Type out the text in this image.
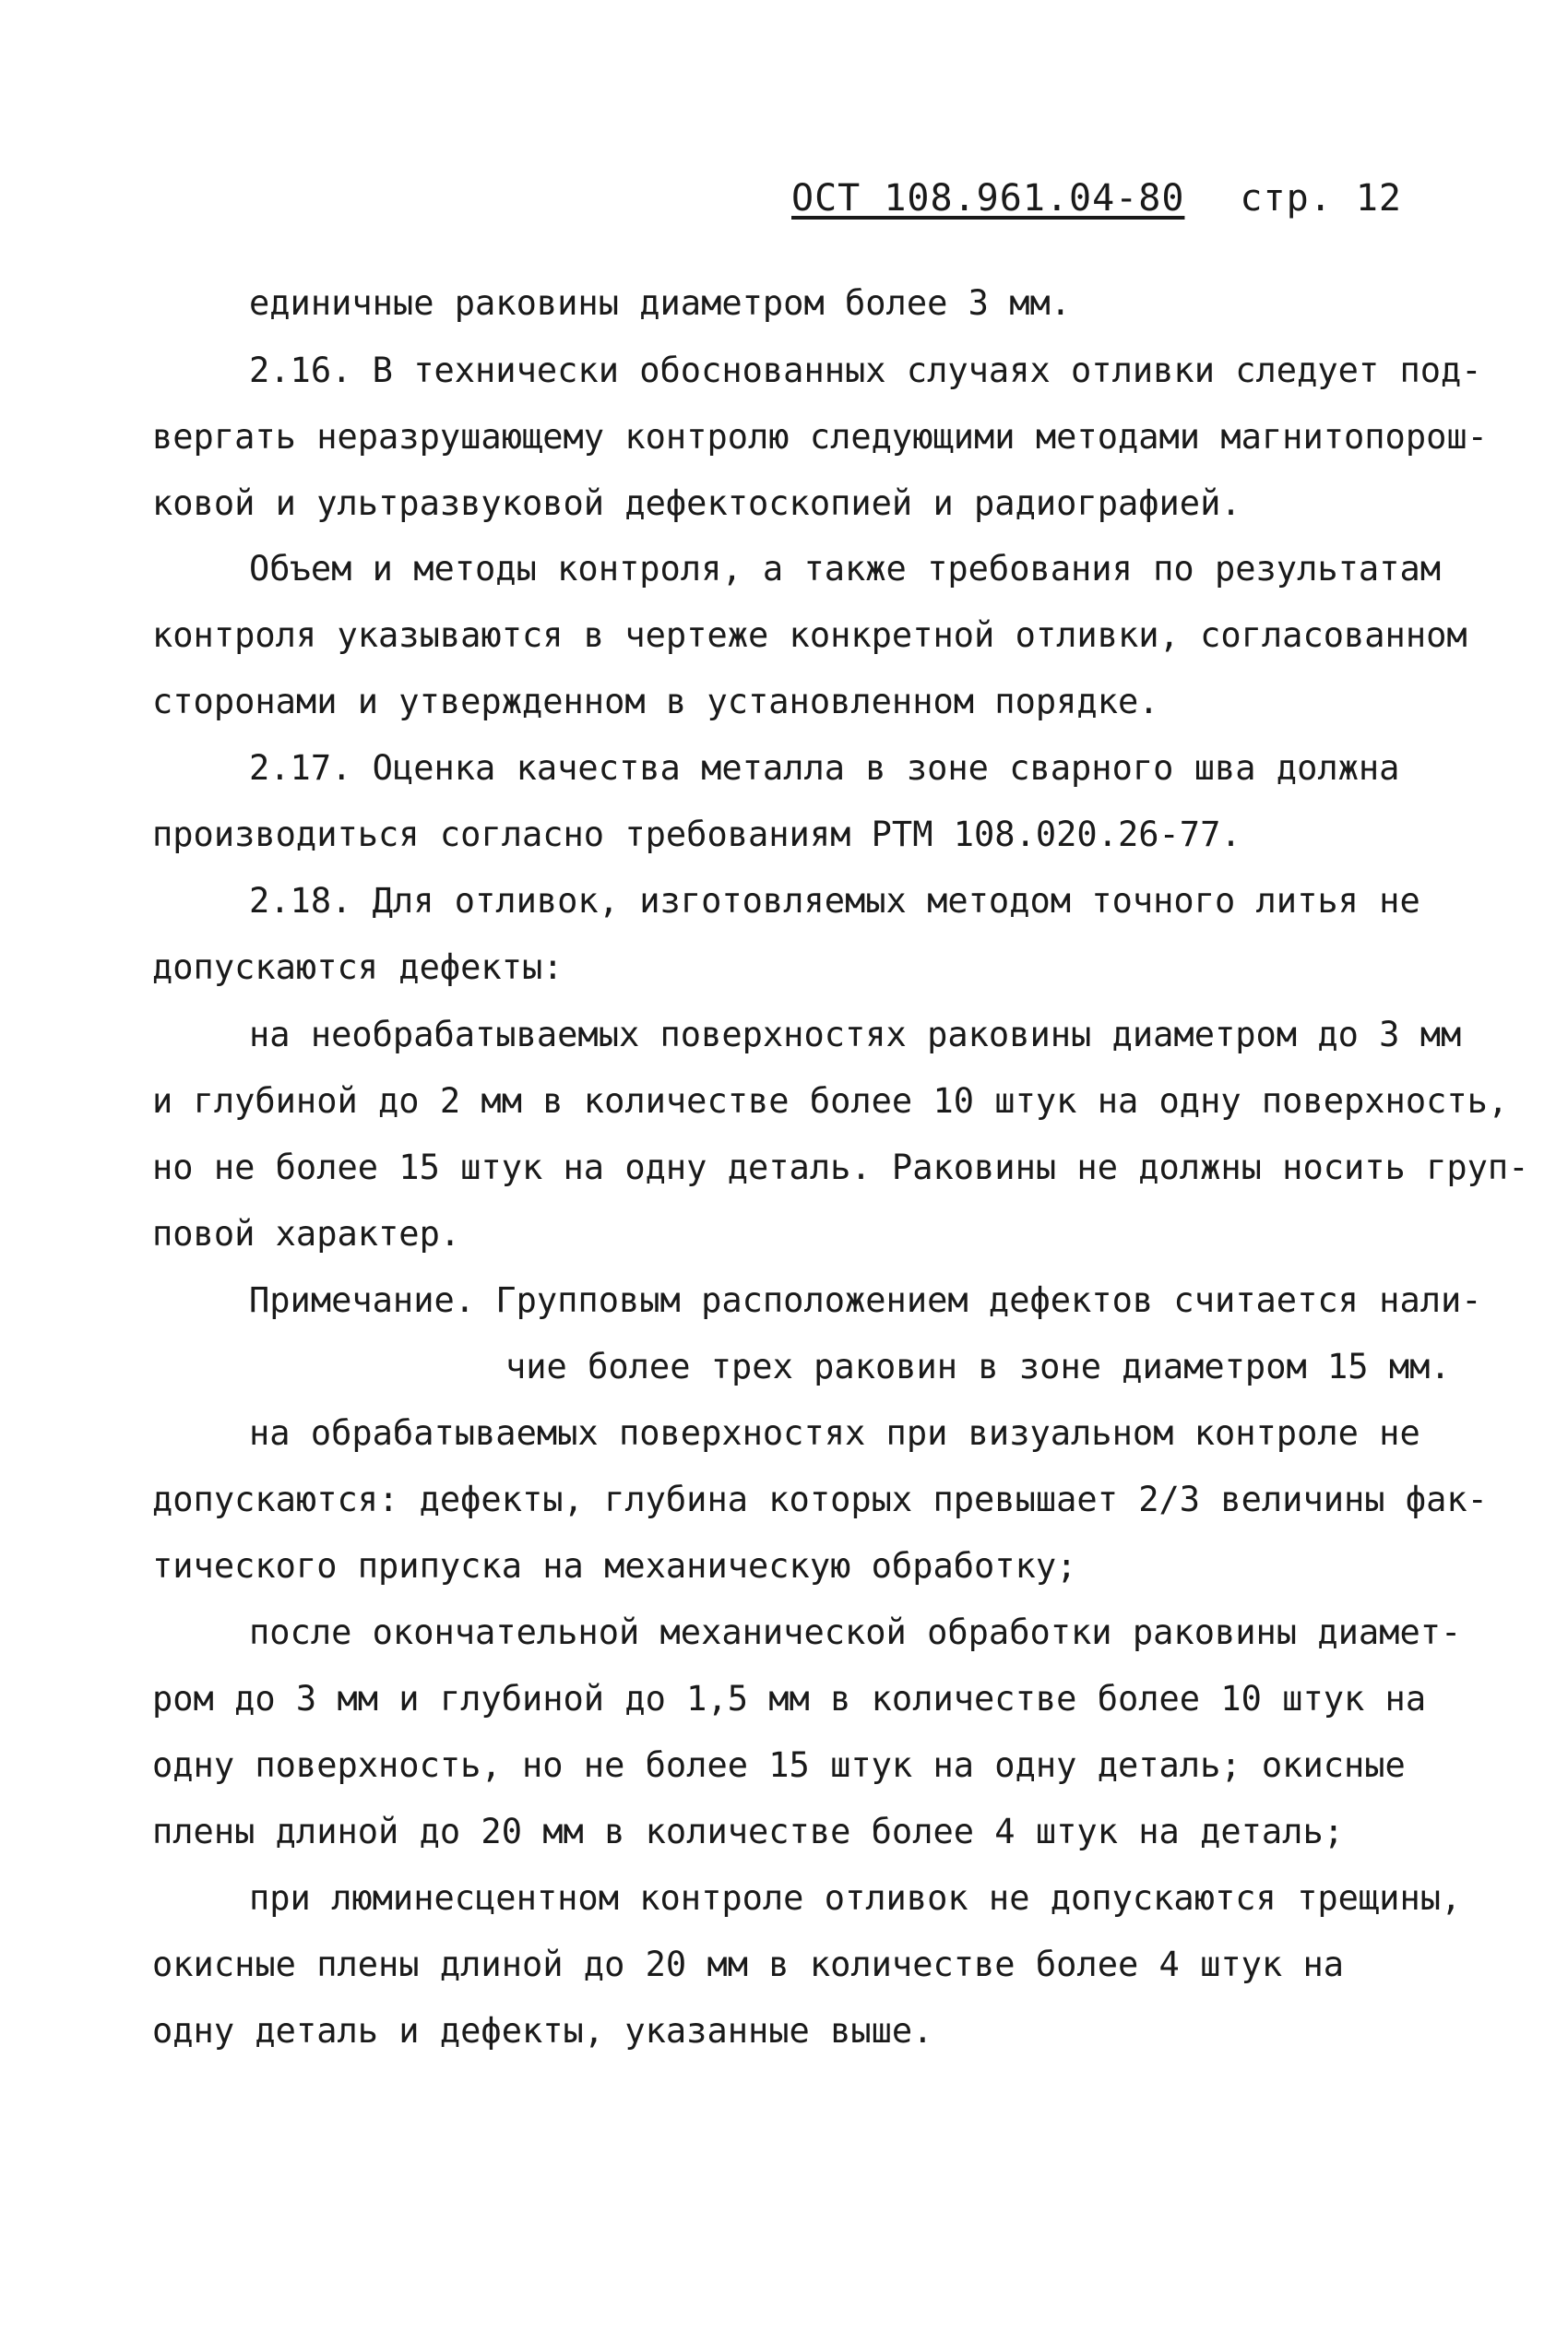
ОСТ 108.961.04-80 стр. 12
единичные раковины диаметром более 3 мм.
2.16. В технически обоснованных случаях отливки следует под-
вергать неразрушающему контролю следующими методами магнитопорош-
ковой и ультразвуковой дефектоскопией и радиографией.
Объем и методы контроля, а также требования по результатам
контроля указываются в чертеже конкретной отливки, согласованном
сторонами и утвержденном в установленном порядке.
2.17. Оценка качества металла в зоне сварного шва должна
производиться согласно требованиям РТМ 108.020.26-77.
2.18. Для отливок, изготовляемых методом точного литья не
допускаются дефекты:
на необрабатываемых поверхностях раковины диаметром до 3 мм
и глубиной до 2 мм в количестве более 10 штук на одну поверхность,
но не более 15 штук на одну деталь. Раковины не должны носить груп-
повой характер.
Примечание. Групповым расположением дефектов считается нали-
чие более трех раковин в зоне диаметром 15 мм.
на обрабатываемых поверхностях при визуальном контроле не
допускаются: дефекты, глубина которых превышает 2/3 величины фак-
тического припуска на механическую обработку;
после окончательной механической обработки раковины диамет-
ром до 3 мм и глубиной до 1,5 мм в количестве более 10 штук на
одну поверхность, но не более 15 штук на одну деталь; окисные
плены длиной до 20 мм в количестве более 4 штук на деталь;
при люминесцентном контроле отливок не допускаются трещины,
окисные плены длиной до 20 мм в количестве более 4 штук на
одну деталь и дефекты, указанные выше.
